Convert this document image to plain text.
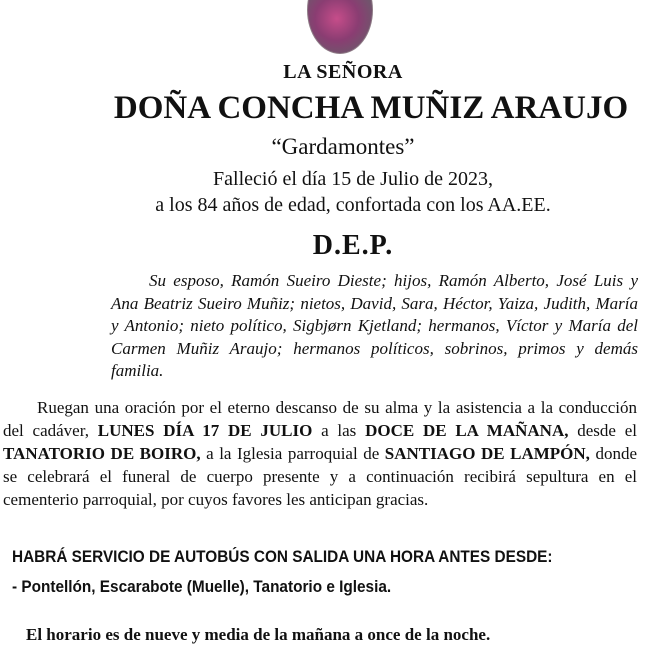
LA SEÑORA
DOÑA CONCHA MUÑIZ ARAUJO
“Gardamontes”
Falleció el día 15 de Julio de 2023,
a los 84 años de edad, confortada con los AA.EE.
D.E.P.
Su esposo, Ramón Sueiro Dieste; hijos, Ramón Alberto, José Luis y Ana Beatriz Sueiro Muñiz; nietos, David, Sara, Héctor, Yaiza, Judith, María y Antonio; nieto político, Sigbjørn Kjetland; hermanos, Víctor y María del Carmen Muñiz Araujo; hermanos políticos, sobrinos, primos y demás familia.
Ruegan una oración por el eterno descanso de su alma y la asistencia a la conducción del cadáver, LUNES DÍA 17 DE JULIO a las DOCE DE LA MAÑANA, desde el TANATORIO DE BOIRO, a la Iglesia parroquial de SANTIAGO DE LAMPÓN, donde se celebrará el funeral de cuerpo presente y a continuación recibirá sepultura en el cementerio parroquial, por cuyos favores les anticipan gracias.
HABRÁ SERVICIO DE AUTOBÚS CON SALIDA UNA HORA ANTES DESDE:
- Pontellón, Escarabote (Muelle), Tanatorio e Iglesia.
El horario es de nueve y media de la mañana a once de la noche.
